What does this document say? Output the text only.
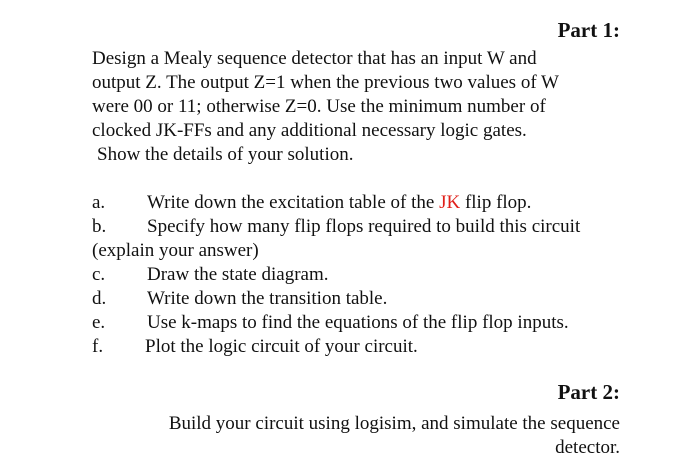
Part 1:
Design a Mealy sequence detector that has an input W and
output Z. The output Z=1 when the previous two values of W
were 00 or 11; otherwise Z=0. Use the minimum number of
clocked JK-FFs and any additional necessary logic gates.
Show the details of your solution.
a. Write down the excitation table of the JK flip flop.
b. Specify how many flip flops required to build this circuit
(explain your answer)
c. Draw the state diagram.
d. Write down the transition table.
e. Use k-maps to find the equations of the flip flop inputs.
f. Plot the logic circuit of your circuit.
Part 2:
Build your circuit using logisim, and simulate the sequence
detector.
